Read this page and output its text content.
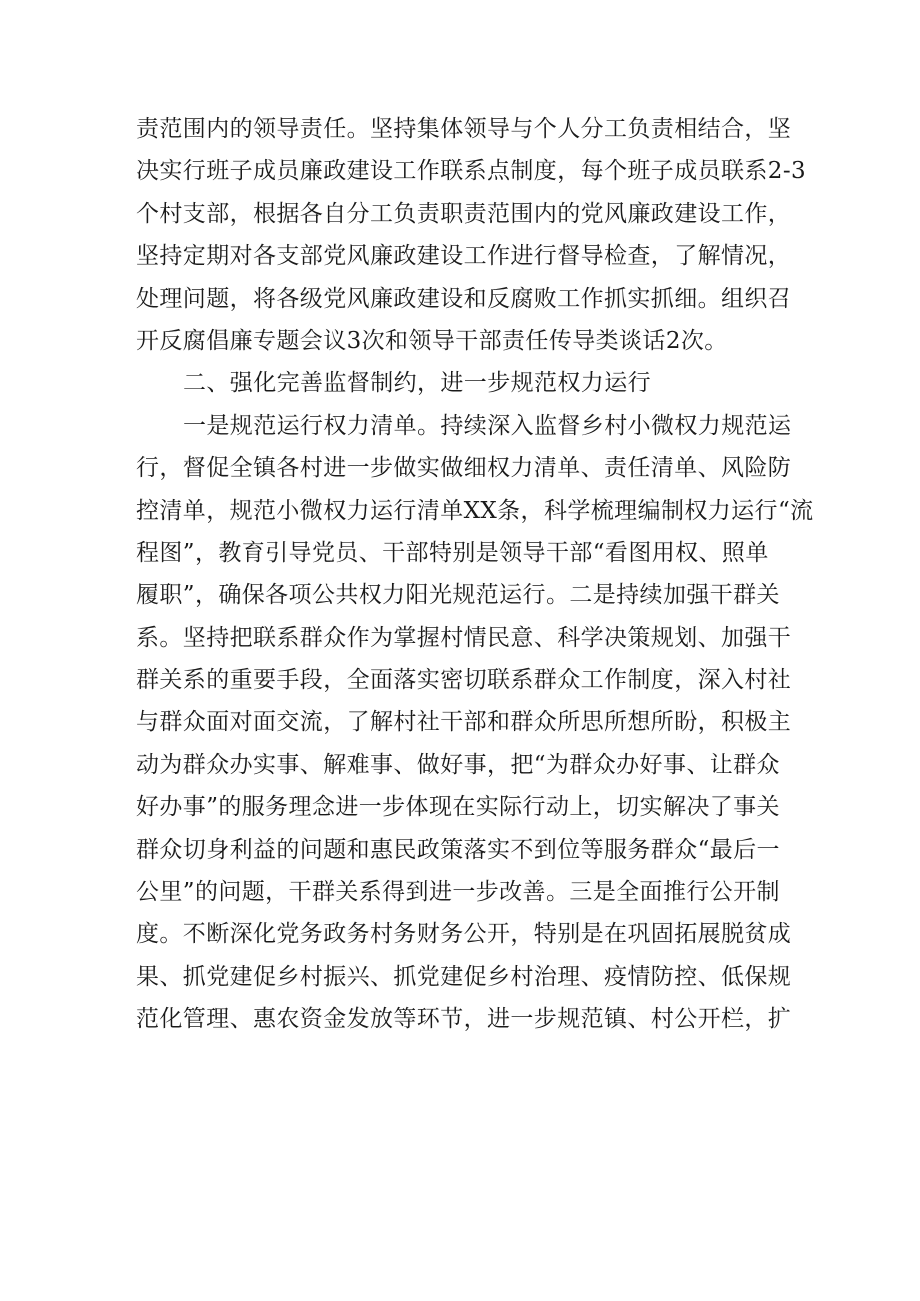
责范围内的领导责任。坚持集体领导与个人分工负责相结合，坚
决实行班子成员廉政建设工作联系点制度，每个班子成员联系2-3
个村支部，根据各自分工负责职责范围内的党风廉政建设工作，
坚持定期对各支部党风廉政建设工作进行督导检查，了解情况，
处理问题，将各级党风廉政建设和反腐败工作抓实抓细。组织召
开反腐倡廉专题会议3次和领导干部责任传导类谈话2次。
二、强化完善监督制约，进一步规范权力运行
一是规范运行权力清单。持续深入监督乡村小微权力规范运
行，督促全镇各村进一步做实做细权力清单、责任清单、风险防
控清单，规范小微权力运行清单XX条，科学梳理编制权力运行“流
程图”，教育引导党员、干部特别是领导干部“看图用权、照单
履职”，确保各项公共权力阳光规范运行。二是持续加强干群关
系。坚持把联系群众作为掌握村情民意、科学决策规划、加强干
群关系的重要手段，全面落实密切联系群众工作制度，深入村社
与群众面对面交流，了解村社干部和群众所思所想所盼，积极主
动为群众办实事、解难事、做好事，把“为群众办好事、让群众
好办事”的服务理念进一步体现在实际行动上，切实解决了事关
群众切身利益的问题和惠民政策落实不到位等服务群众“最后一
公里”的问题，干群关系得到进一步改善。三是全面推行公开制
度。不断深化党务政务村务财务公开，特别是在巩固拓展脱贫成
果、抓党建促乡村振兴、抓党建促乡村治理、疫情防控、低保规
范化管理、惠农资金发放等环节，进一步规范镇、村公开栏，扩
